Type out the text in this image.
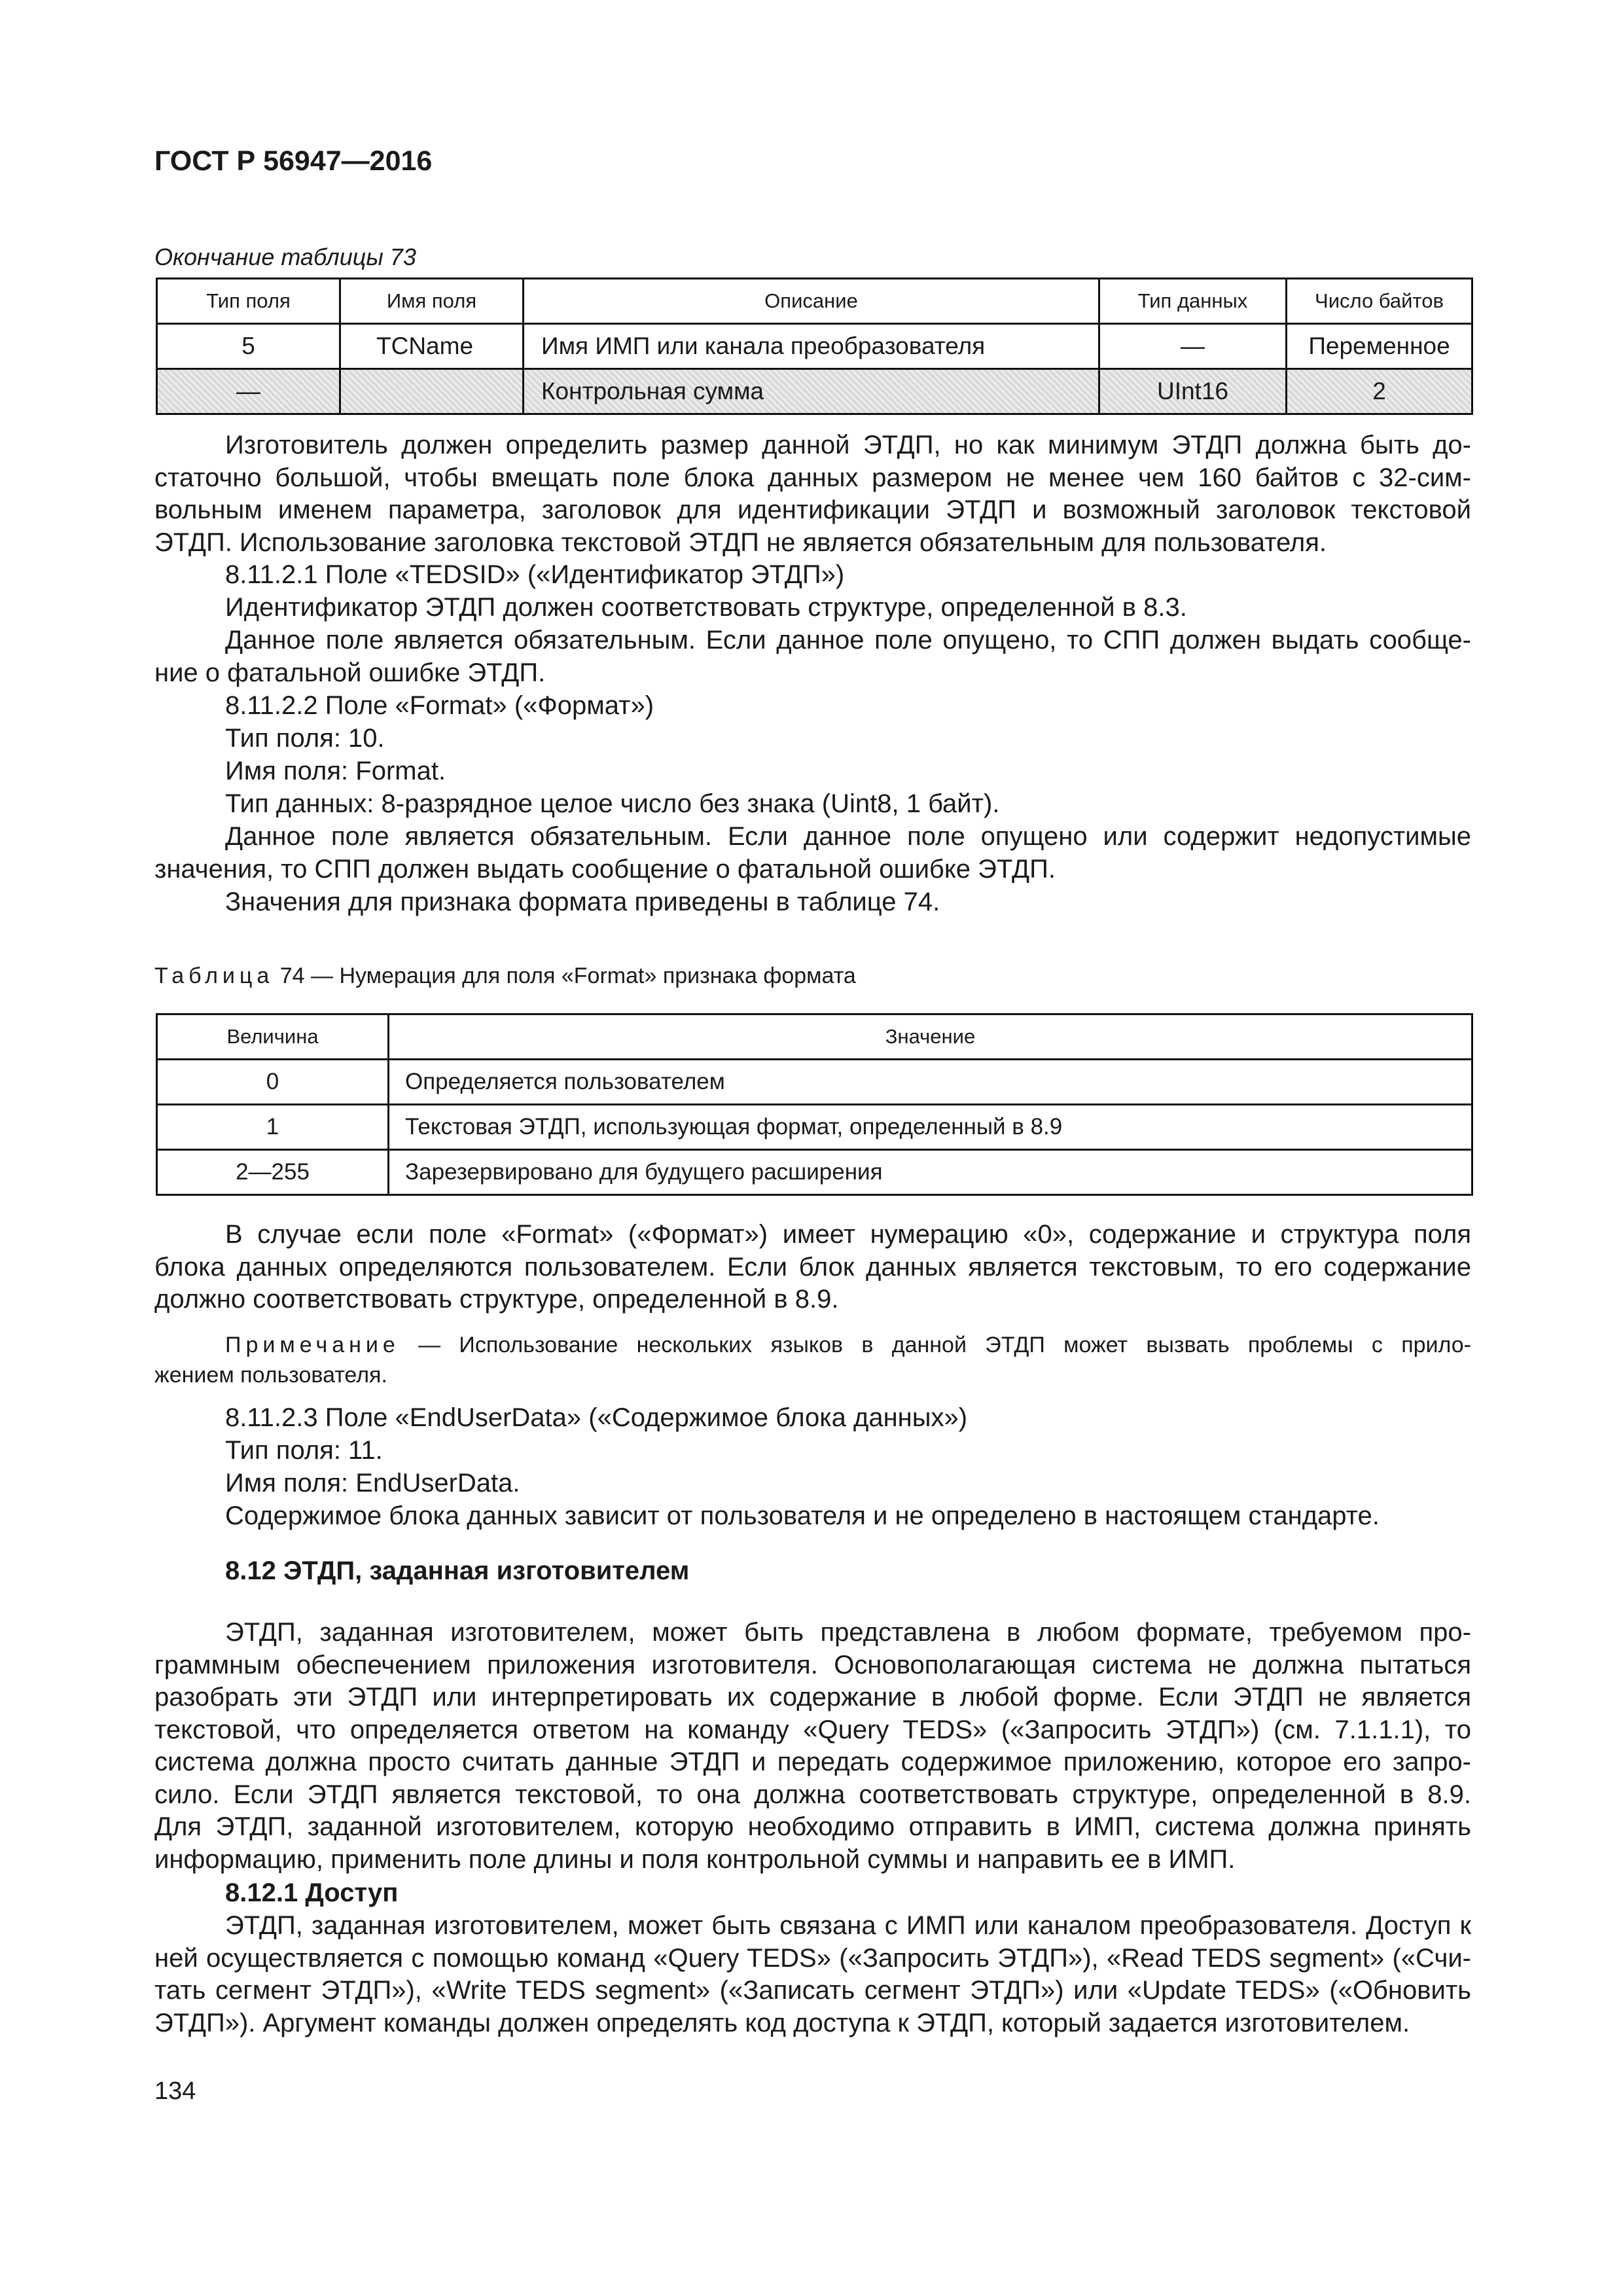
ГОСТ Р 56947—2016
Окончание таблицы 73
Тип поля	Имя поля	Описание	Тип данных	Число байтов
5	TCName	Имя ИМП или канала преобразователя	—	Переменное
—		Контрольная сумма	UInt16	2
Изготовитель должен определить размер данной ЭТДП, но как минимум ЭТДП должна быть до-
статочно большой, чтобы вмещать поле блока данных размером не менее чем 160 байтов с 32-сим-
вольным именем параметра, заголовок для идентификации ЭТДП и возможный заголовок текстовой
ЭТДП. Использование заголовка текстовой ЭТДП не является обязательным для пользователя.
8.11.2.1 Поле «TEDSID» («Идентификатор ЭТДП»)
Идентификатор ЭТДП должен соответствовать структуре, определенной в 8.3.
Данное поле является обязательным. Если данное поле опущено, то СПП должен выдать сообще-
ние о фатальной ошибке ЭТДП.
8.11.2.2 Поле «Format» («Формат»)
Тип поля: 10.
Имя поля: Format.
Тип данных: 8-разрядное целое число без знака (Uint8, 1 байт).
Данное поле является обязательным. Если данное поле опущено или содержит недопустимые
значения, то СПП должен выдать сообщение о фатальной ошибке ЭТДП.
Значения для признака формата приведены в таблице 74.
Таблица 74 — Нумерация для поля «Format» признака формата
Величина	Значение
0	Определяется пользователем
1	Текстовая ЭТДП, использующая формат, определенный в 8.9
2—255	Зарезервировано для будущего расширения
В случае если поле «Format» («Формат») имеет нумерацию «0», содержание и структура поля
блока данных определяются пользователем. Если блок данных является текстовым, то его содержание
должно соответствовать структуре, определенной в 8.9.
Примечание — Использование нескольких языков в данной ЭТДП может вызвать проблемы с прило-
жением пользователя.
8.11.2.3 Поле «EndUserData» («Содержимое блока данных»)
Тип поля: 11.
Имя поля: EndUserData.
Содержимое блока данных зависит от пользователя и не определено в настоящем стандарте.
8.12 ЭТДП, заданная изготовителем
ЭТДП, заданная изготовителем, может быть представлена в любом формате, требуемом про-
граммным обеспечением приложения изготовителя. Основополагающая система не должна пытаться
разобрать эти ЭТДП или интерпретировать их содержание в любой форме. Если ЭТДП не является
текстовой, что определяется ответом на команду «Query TEDS» («Запросить ЭТДП») (см. 7.1.1.1), то
система должна просто считать данные ЭТДП и передать содержимое приложению, которое его запро-
сило. Если ЭТДП является текстовой, то она должна соответствовать структуре, определенной в 8.9.
Для ЭТДП, заданной изготовителем, которую необходимо отправить в ИМП, система должна принять
информацию, применить поле длины и поля контрольной суммы и направить ее в ИМП.
8.12.1 Доступ
ЭТДП, заданная изготовителем, может быть связана с ИМП или каналом преобразователя. Доступ к
ней осуществляется с помощью команд «Query TEDS» («Запросить ЭТДП»), «Read TEDS segment» («Счи-
тать сегмент ЭТДП»), «Write TEDS segment» («Записать сегмент ЭТДП») или «Update TEDS» («Обновить
ЭТДП»). Аргумент команды должен определять код доступа к ЭТДП, который задается изготовителем.
134
